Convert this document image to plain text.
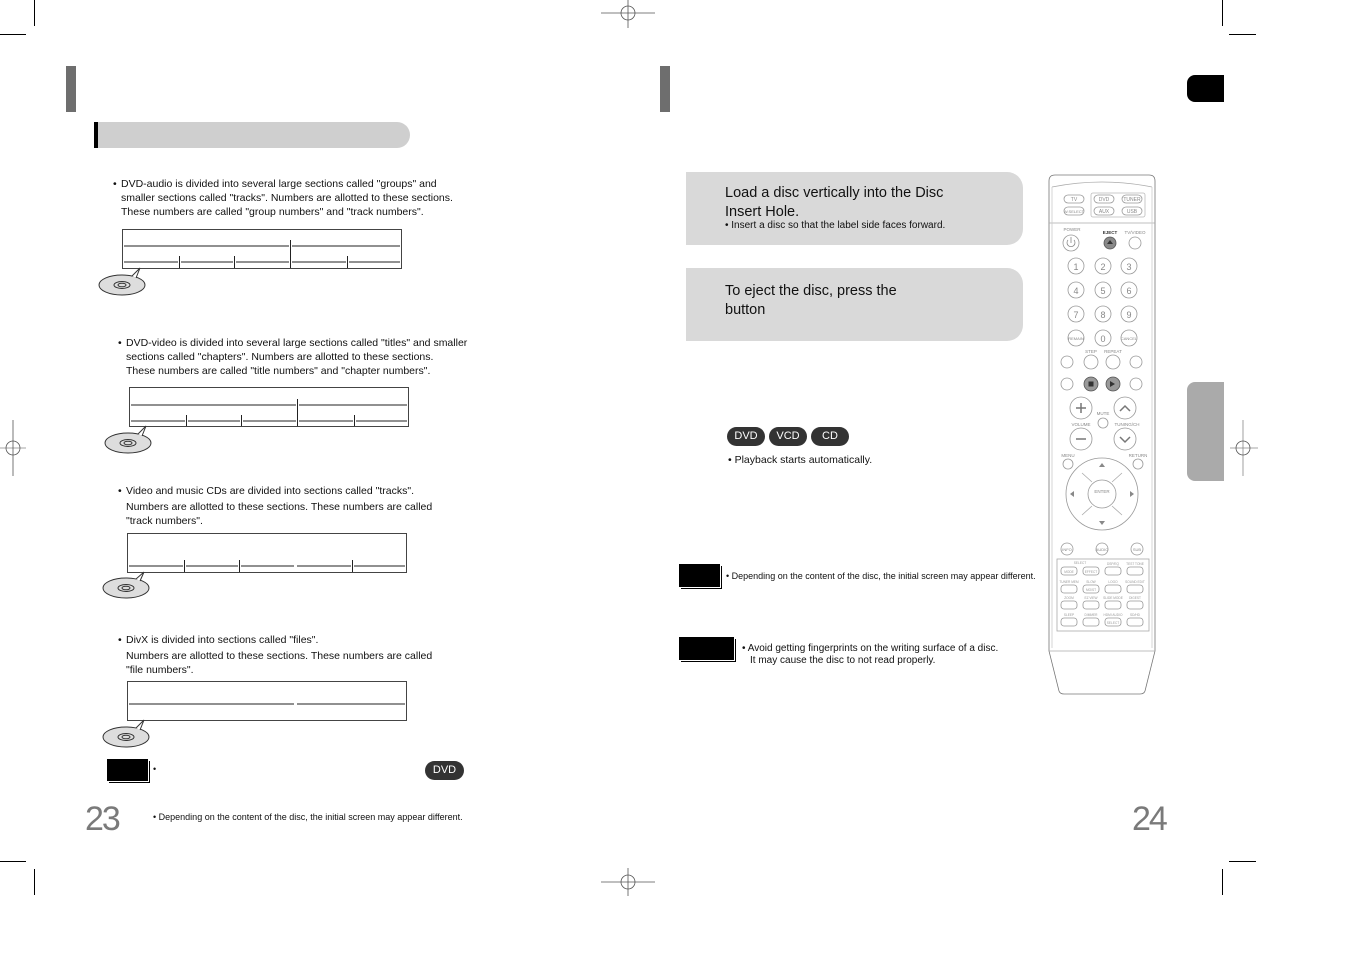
• DVD-audio is divided into several large sections called "groups" and
smaller sections called "tracks". Numbers are allotted to these sections.
These numbers are called "group numbers" and "track numbers".
• DVD-video is divided into several large sections called "titles" and smaller
sections called "chapters". Numbers are allotted to these sections.
These numbers are called "title numbers" and "chapter numbers".
• Video and music CDs are divided into sections called "tracks".
Numbers are allotted to these sections. These numbers are called
"track numbers".
• DivX is divided into sections called "files".
Numbers are allotted to these sections. These numbers are called
"file numbers".
•	DVD
23	• Depending on the content of the disc, the initial screen may appear different.
Load a disc vertically into the Disc
Insert Hole.
• Insert a disc so that the label side faces forward.
To eject the disc, press the
button
DVD	VCD	CD
• Playback starts automatically.
• Depending on the content of the disc, the initial screen may appear different.
• Avoid getting fingerprints on the writing surface of a disc.
It may cause the disc to not read properly.
24
TV	DVD	TUNER
W.SELECT	AUX	USB
POWER
EJECT TV/VIDEO
1 2 3
4 5 6
7 8 9
0
REMAIN	CANCEL
STEP REPEAT
MUTE
VOLUME	TUNING/CH
MENU	RETURN
ENTER
INFO	AUDIO	SUB
SELECT	DSP/EQ TEST TONE
MODE	EFFECT
TUNER MEM SLOW	LOGO SOUND EDIT
MO/ST
ZOOM	EZ VIEW SLIDE MODE DIGEST
SLEEP	DIMMER HDMI AUDIO SD/HD
SELECT
